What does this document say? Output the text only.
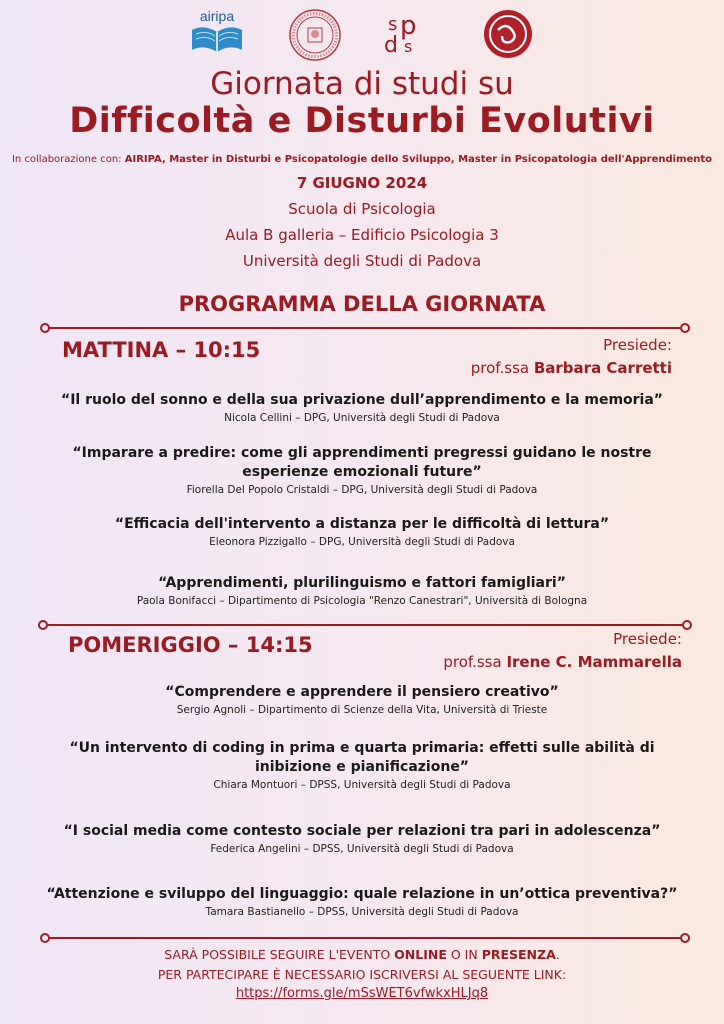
airipa	s p
d s
Giornata di studi su
Difficoltà e Disturbi Evolutivi
In collaborazione con: AIRIPA, Master in Disturbi e Psicopatologie dello Sviluppo, Master in Psicopatologia dell'Apprendimento
7 GIUGNO 2024
Scuola di Psicologia
Aula B galleria – Edificio Psicologia 3
Università degli Studi di Padova
PROGRAMMA DELLA GIORNATA
MATTINA – 10:15	Presiede:
prof.ssa Barbara Carretti
“Il ruolo del sonno e della sua privazione dull’apprendimento e la memoria”
Nicola Cellini – DPG, Università degli Studi di Padova
“Imparare a predire: come gli apprendimenti pregressi guidano le nostre esperienze emozionali future”
Fiorella Del Popolo Cristaldi – DPG, Università degli Studi di Padova
“Efficacia dell'intervento a distanza per le difficoltà di lettura”
Eleonora Pizzigallo – DPG, Università degli Studi di Padova
“Apprendimenti, plurilinguismo e fattori famigliari”
Paola Bonifacci – Dipartimento di Psicologia "Renzo Canestrari", Università di Bologna
POMERIGGIO – 14:15	Presiede:
prof.ssa Irene C. Mammarella
“Comprendere e apprendere il pensiero creativo”
Sergio Agnoli – Dipartimento di Scienze della Vita, Università di Trieste
“Un intervento di coding in prima e quarta primaria: effetti sulle abilità di inibizione e pianificazione”
Chiara Montuori – DPSS, Università degli Studi di Padova
“I social media come contesto sociale per relazioni tra pari in adolescenza”
Federica Angelini – DPSS, Università degli Studi di Padova
“Attenzione e sviluppo del linguaggio: quale relazione in un’ottica preventiva?”
Tamara Bastianello – DPSS, Università degli Studi di Padova
SARÀ POSSIBILE SEGUIRE L'EVENTO ONLINE O IN PRESENZA.
PER PARTECIPARE È NECESSARIO ISCRIVERSI AL SEGUENTE LINK:
https://forms.gle/mSsWET6vfwkxHLJq8
